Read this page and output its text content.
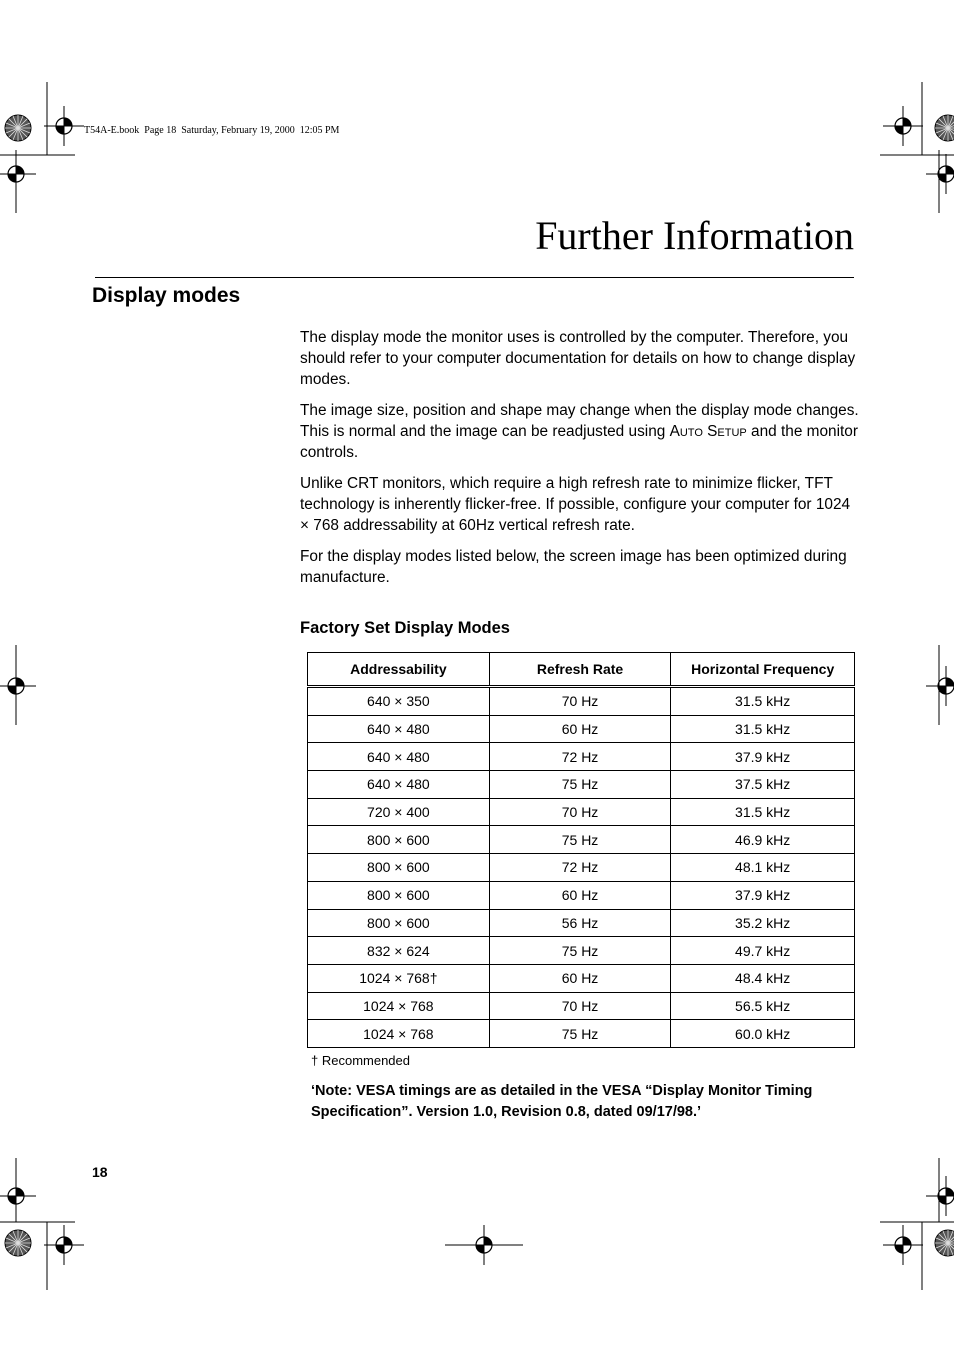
T54A-E.book  Page 18  Saturday, February 19, 2000  12:05 PM
Further Information
Display modes

The display mode the monitor uses is controlled by the computer. Therefore, you should refer to your computer documentation for details on how to change display modes.

The image size, position and shape may change when the display mode changes. This is normal and the image can be readjusted using Auto Setup and the monitor controls.

Unlike CRT monitors, which require a high refresh rate to minimize flicker, TFT technology is inherently flicker-free. If possible, configure your computer for 1024 × 768 addressability at 60Hz vertical refresh rate.

For the display modes listed below, the screen image has been optimized during manufacture.

Factory Set Display Modes
Addressability	Refresh Rate	Horizontal Frequency
640 × 350	70 Hz	31.5 kHz
640 × 480	60 Hz	31.5 kHz
640 × 480	72 Hz	37.9 kHz
640 × 480	75 Hz	37.5 kHz
720 × 400	70 Hz	31.5 kHz
800 × 600	75 Hz	46.9 kHz
800 × 600	72 Hz	48.1 kHz
800 × 600	60 Hz	37.9 kHz
800 × 600	56 Hz	35.2 kHz
832 × 624	75 Hz	49.7 kHz
1024 × 768†	60 Hz	48.4 kHz
1024 × 768	70 Hz	56.5 kHz
1024 × 768	75 Hz	60.0 kHz
† Recommended
‘Note: VESA timings are as detailed in the VESA “Display Monitor Timing Specification”. Version 1.0, Revision 0.8, dated 09/17/98.’
18
